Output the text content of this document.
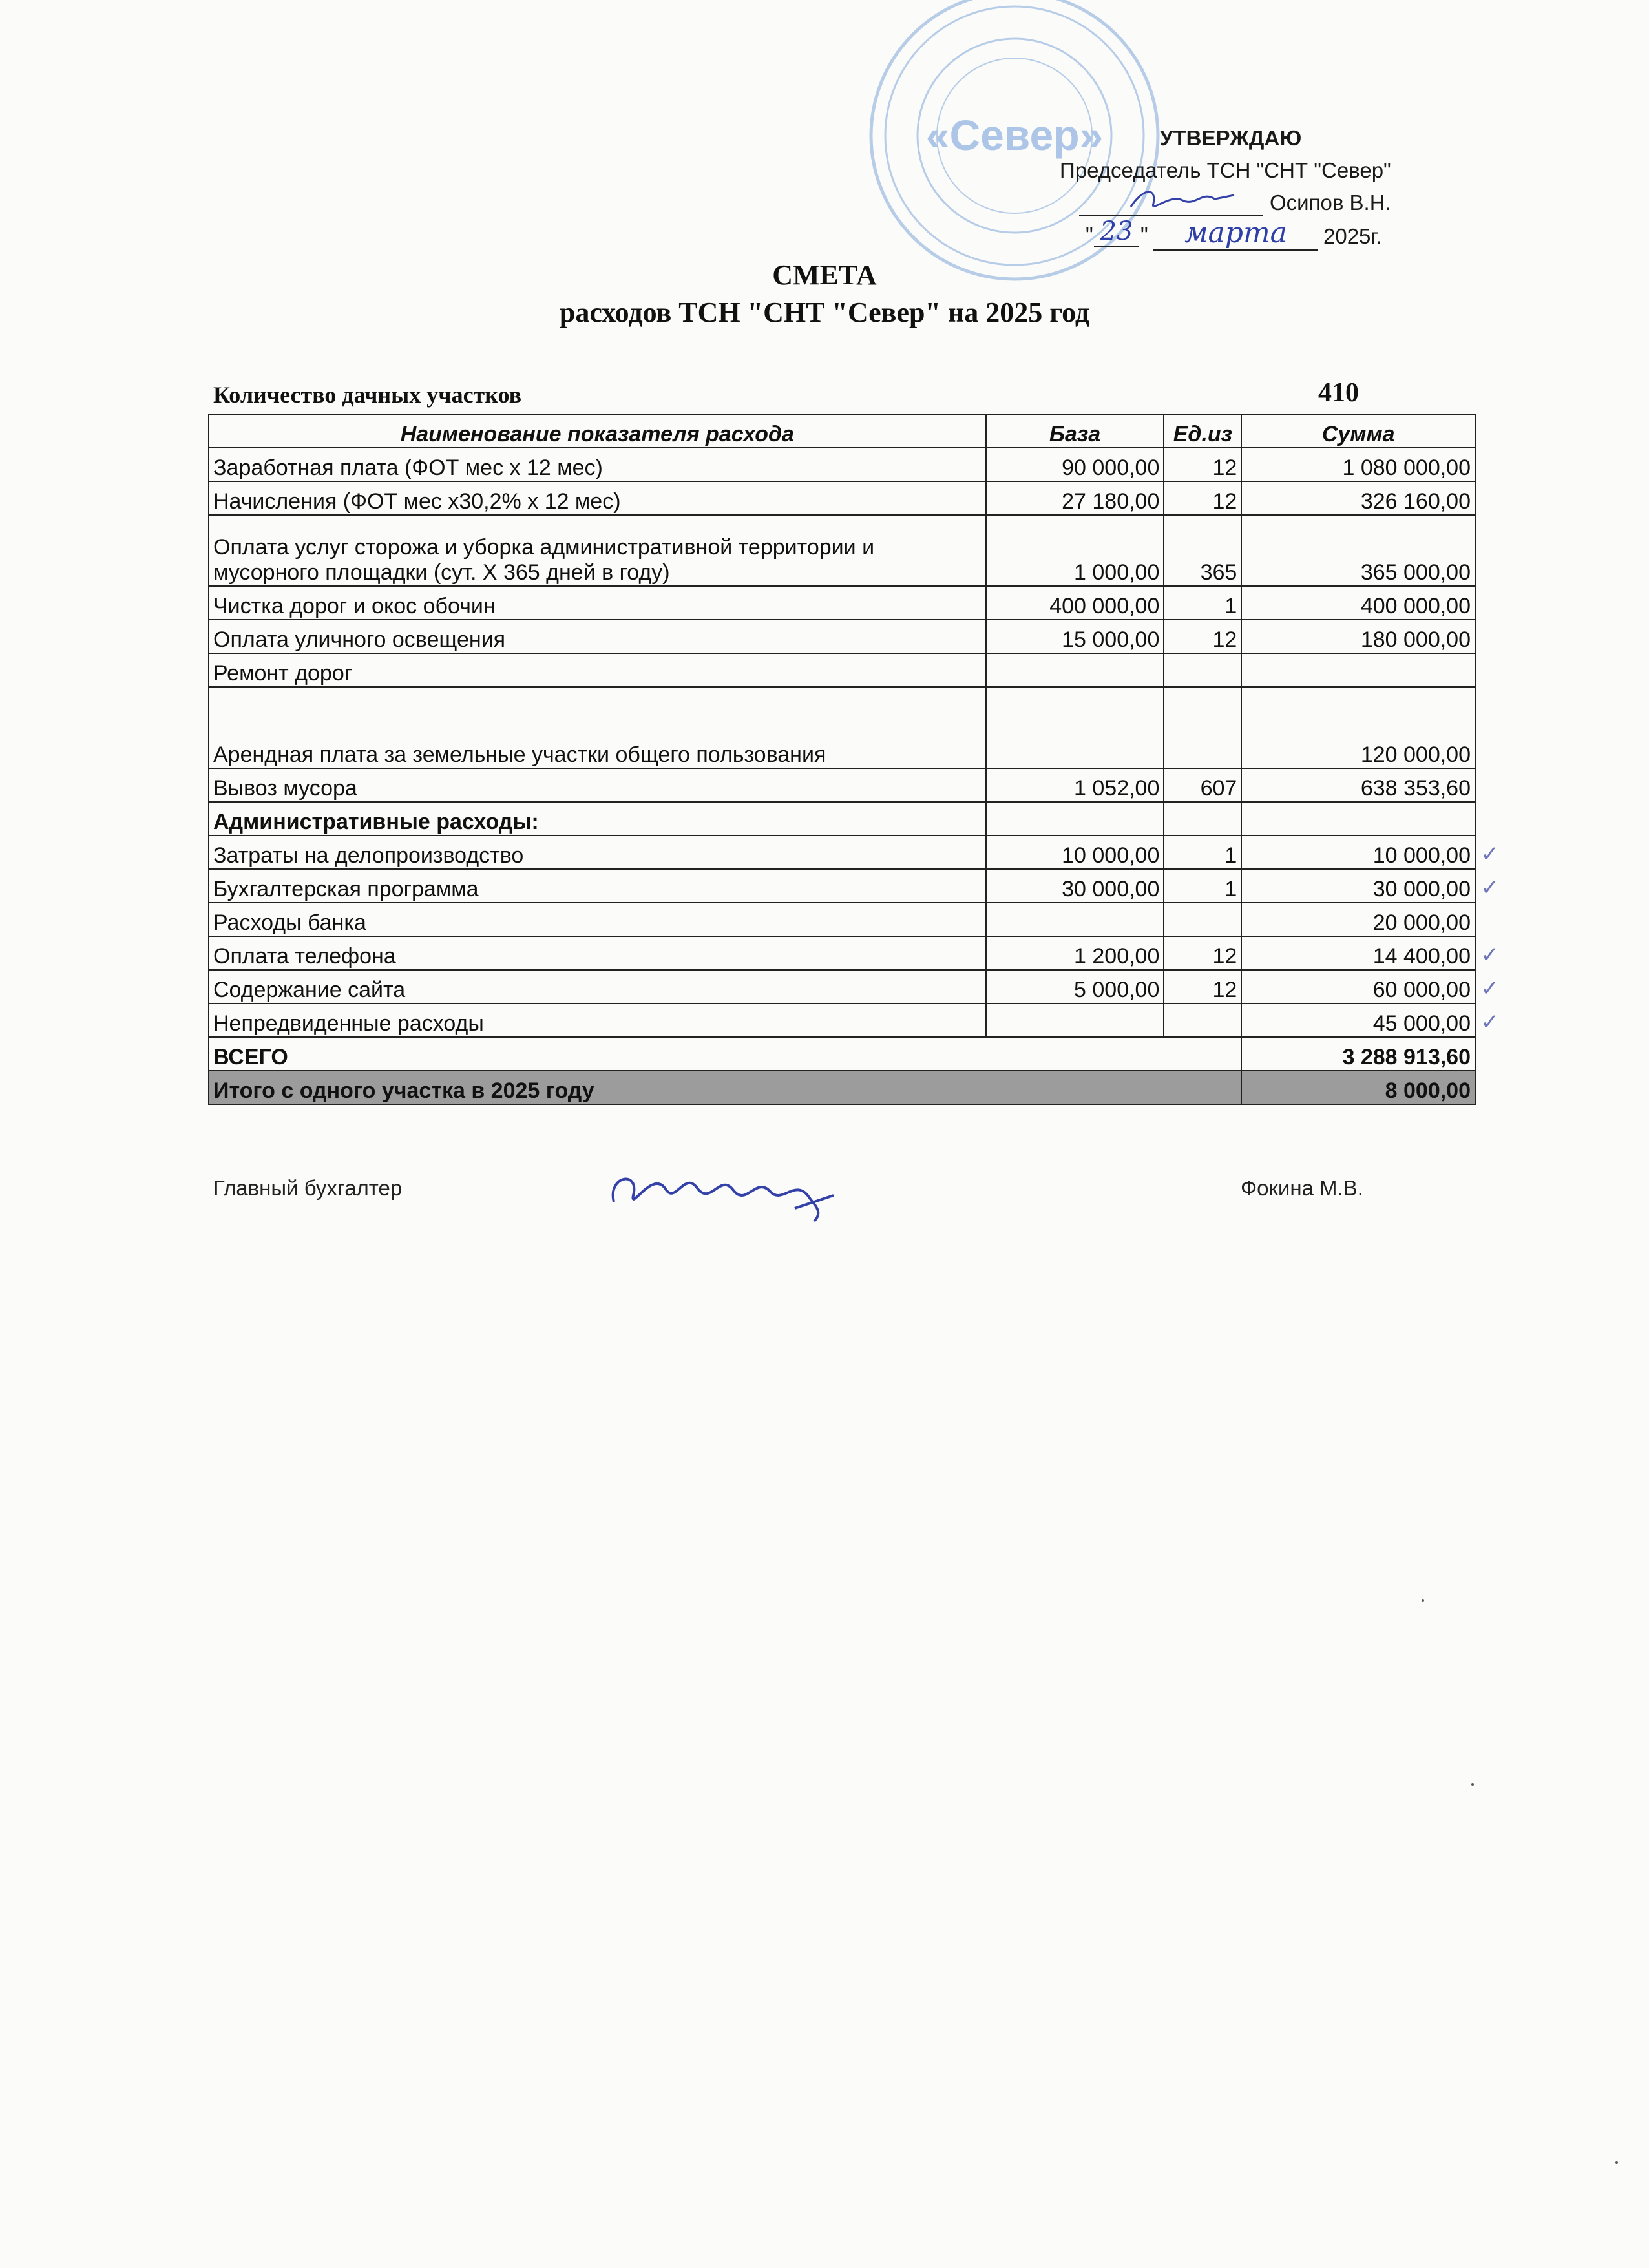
«Север»	УТВЕРЖДАЮ
Председатель ТСН "СНТ "Север"
Осипов В.Н.
" 23 "	марта	2025г.
СМЕТА
расходов ТСН "СНТ "Север" на 2025 год
Количество дачных участков	410
Наименование показателя расхода	База	Ед.из	Сумма
Заработная плата (ФОТ мес х 12 мес)	90 000,00	12	1 080 000,00
Начисления (ФОТ мес х30,2% х 12 мес)	27 180,00	12	326 160,00
Оплата услуг сторожа и уборка административной территории и мусорного площадки (сут. Х 365 дней в году)	1 000,00	365	365 000,00
Чистка дорог и окос обочин	400 000,00	1	400 000,00
Оплата уличного освещения	15 000,00	12	180 000,00
Ремонт дорог			
Арендная плата за земельные участки общего пользования			120 000,00
Вывоз мусора	1 052,00	607	638 353,60
Административные расходы:			
Затраты на делопроизводство	10 000,00	1	10 000,00 ✓
Бухгалтерская программа	30 000,00	1	30 000,00 ✓
Расходы банка			20 000,00
Оплата телефона	1 200,00	12	14 400,00 ✓
Содержание сайта	5 000,00	12	60 000,00 ✓
Непредвиденные расходы			45 000,00 ✓
ВСЕГО			3 288 913,60
Итого с одного участка в 2025 году			8 000,00
Главный бухгалтер	Фокина М.В.
